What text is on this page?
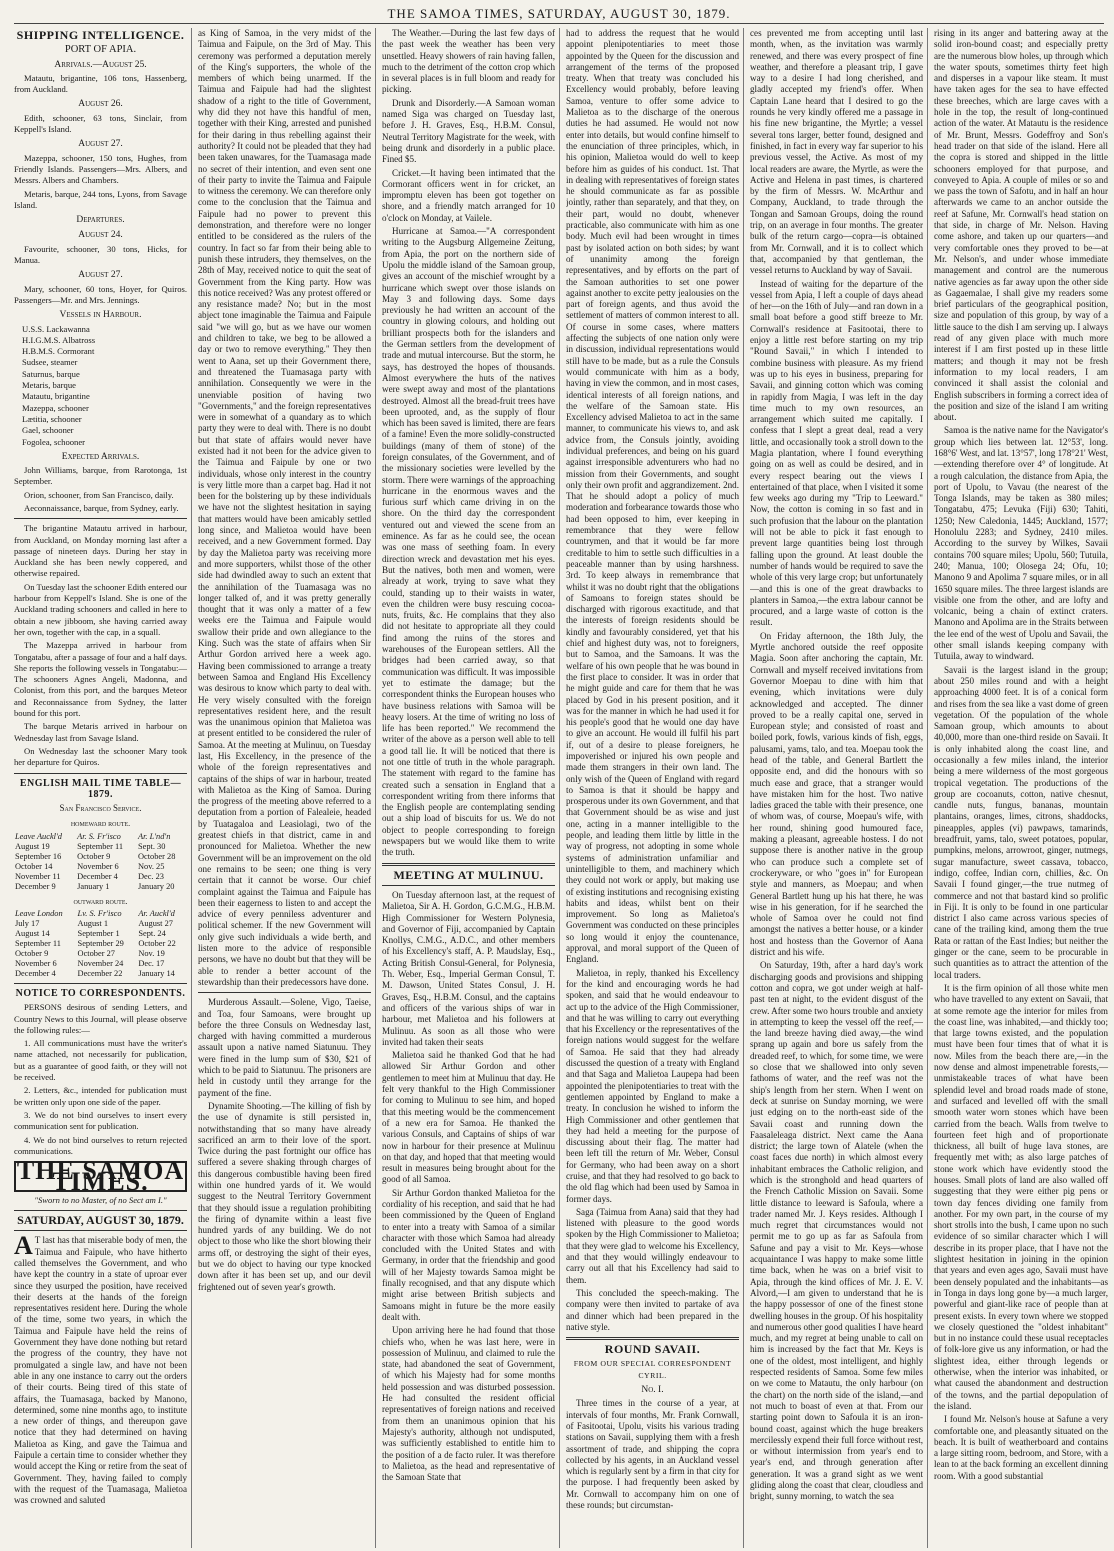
THE SAMOA TIMES, SATURDAY, AUGUST 30, 1879.
SHIPPING INTELLIGENCE.
PORT OF APIA.
Arrivals.—August 25.

Matautu, brigantine, 106 tons, Hassenberg, from Auckland.

August 26.

Edith, schooner, 63 tons, Sinclair, from Keppell's Island.

August 27.

Mazeppa, schooner, 150 tons, Hughes, from Friendly Islands. Passengers—Mrs. Albers, and Messrs. Albers and Chambers.

Metaris, barque, 244 tons, Lyons, from Savage Island.

Departures.
August 24.

Favourite, schooner, 30 tons, Hicks, for Manua.

August 27.

Mary, schooner, 60 tons, Hoyer, for Quiros. Passengers—Mr. and Mrs. Jennings.

Vessels in Harbour.
U.S.S. Lackawanna
H.I.G.M.S. Albatross
H.B.M.S. Cormorant
Sudsee, steamer
Saturnus, barque
Metaris, barque
Matautu, brigantine
Mazeppa, schooner
Lætitia, schooner
Gael, schooner
Fogolea, schooner
Expected Arrivals.

John Williams, barque, from Rarotonga, 1st September.

Orion, schooner, from San Francisco, daily.

Aeconnaissance, barque, from Sydney, early.

The brigantine Matautu arrived in harbour, from Auckland, on Monday morning last after a passage of nineteen days. During her stay in Auckland she has been newly coppered, and otherwise repaired.

On Tuesday last the schooner Edith entered our harbour from Keppell's Island. She is one of the Auckland trading schooners and called in here to obtain a new jibboom, she having carried away her own, together with the cap, in a squall.

The Mazeppa arrived in harbour from Tongatabu, after a passage of four and a half days. She reports the following vessels in Tongatabu:—The schooners Agnes Angeli, Madonna, and Colonist, from this port, and the barques Meteor and Reconnaissance from Sydney, the latter bound for this port.

The barque Metaris arrived in harbour on Wednesday last from Savage Island.

On Wednesday last the schooner Mary took her departure for Quiros.

ENGLISH MAIL TIME TABLE—1879.
San Francisco Service.
homeward route.
Leave Auckl'd	Ar. S. Fr'isco	Ar. L'nd'n
August 19	September 11	Sept. 30
September 16	October 9	October 28
October 14	November 6	Nov. 25
November 11	December 4	Dec. 23
December 9	January 1	January 20
outward route.
Leave London	Lv. S. Fr'isco	Ar. Auckl'd
July 17	August 1	August 27
August 14	September 1	Sept. 24
September 11	September 29	October 22
October 9	October 27	Nov. 19
November 6	November 24	Dec. 17
December 4	December 22	January 14
NOTICE TO CORRESPONDENTS.

PERSONS desirous of sending Letters, and Country News to this Journal, will please observe the following rules:—

1. All communications must have the writer's name attached, not necessarily for publication, but as a guarantee of good faith, or they will not be received.

2. Letters, &c., intended for publication must be written only upon one side of the paper.

3. We do not bind ourselves to insert every communication sent for publication.

4. We do not bind ourselves to return rejected communications.

THE SAMOA TIMES.
"Sworn to no Master, of no Sect am I."
SATURDAY, AUGUST 30, 1879.

A T last has that miserable body of men, the Taimua and Faipule, who have hitherto called themselves the Government, and who have kept the country in a state of uproar ever since they usurped the position, have received their deserts at the hands of the foreign representatives resident here. During the whole of the time, some two years, in which the Taimua and Faipule have held the reins of Government they have done nothing but retard the progress of the country, they have not promulgated a single law, and have not been able in any one instance to carry out the orders of their courts. Being tired of this state of affairs, the Tuamasaga, backed by Manono, determined, some nine months ago, to institute a new order of things, and thereupon gave notice that they had determined on having Malietoa as King, and gave the Taimua and Faipule a certain time to consider whether they would accept the King or retire from the seat of Government. They, having failed to comply with the request of the Tuamasaga, Malietoa was crowned and saluted

as King of Samoa, in the very midst of the Taimua and Faipule, on the 3rd of May. This ceremony was performed a deputation merely of the King's supporters, the whole of the members of which being unarmed. If the Taimua and Faipule had had the slightest shadow of a right to the title of Government, why did they not have this handful of men, together with their King, arrested and punished for their daring in thus rebelling against their authority? It could not be pleaded that they had been taken unawares, for the Tuamasaga made no secret of their intention, and even sent one of their party to invite the Taimua and Faipule to witness the ceremony. We can therefore only come to the conclusion that the Taimua and Faipule had no power to prevent this demonstration, and therefore were no longer entitled to be considered as the rulers of the country. In fact so far from their being able to punish these intruders, they themselves, on the 28th of May, received notice to quit the seat of Government from the King party. How was this notice received? Was any protest offered or any resistance made? No; but in the most abject tone imaginable the Taimua and Faipule said "we will go, but as we have our women and children to take, we beg to be allowed a day or two to remove everything." They then went to Aana, set up their Government there, and threatened the Tuamasaga party with annihilation. Consequently we were in the unenviable position of having two "Governments," and the foreign representatives were in somewhat of a quandary as to which party they were to deal with. There is no doubt but that state of affairs would never have existed had it not been for the advice given to the Taimua and Faipule by one or two individuals, whose only interest in the country is very little more than a carpet bag. Had it not been for the bolstering up by these individuals we have not the slightest hesitation in saying that matters would have been amicably settled long since, and Malietoa would have been received, and a new Government formed. Day by day the Malietoa party was receiving more and more supporters, whilst those of the other side had dwindled away to such an extent that the annihilation of the Tuamasaga was no longer talked of, and it was pretty generally thought that it was only a matter of a few weeks ere the Taimua and Faipule would swallow their pride and own allegiance to the King. Such was the state of affairs when Sir Arthur Gordon arrived here a week ago. Having been commissioned to arrange a treaty between Samoa and England His Excellency was desirous to know which party to deal with. He very wisely consulted with the foreign representatives resident here, and the result was the unanimous opinion that Malietoa was at present entitled to be considered the ruler of Samoa. At the meeting at Mulinuu, on Tuesday last, His Excellency, in the presence of the whole of the foreign representatives and captains of the ships of war in harbour, treated with Malietoa as the King of Samoa. During the progress of the meeting above referred to a deputation from a portion of Falealeie, headed by Tuatagaloa and Leasiolagi, two of the greatest chiefs in that district, came in and pronounced for Malietoa. Whether the new Government will be an improvement on the old one remains to be seen; one thing is very certain that it cannot be worse. Our chief complaint against the Taimua and Faipule has been their eagerness to listen to and accept the advice of every penniless adventurer and political schemer. If the new Government will only give such individuals a wide berth, and listen more to the advice of responsible persons, we have no doubt but that they will be able to render a better account of the stewardship than their predecessors have done.

Murderous Assault.—Solene, Vigo, Taeise, and Toa, four Samoans, were brought up before the three Consuls on Wednesday last, charged with having committed a murderous assault upon a native named Siatunuu. They were fined in the lump sum of $30, $21 of which to be paid to Siatunuu. The prisoners are held in custody until they arrange for the payment of the fine.

Dynamite Shooting.—The killing of fish by the use of dynamite is still persisted in, notwithstanding that so many have already sacrificed an arm to their love of the sport. Twice during the past fortnight our office has suffered a severe shaking through charges of this dangerous combustible having been fired within one hundred yards of it. We would suggest to the Neutral Territory Government that they should issue a regulation prohibiting the firing of dynamite within a least five hundred yards of any building. We do not object to those who like the short blowing their arms off, or destroying the sight of their eyes, but we do object to having our type knocked down after it has been set up, and our devil frightened out of seven year's growth.

The Weather.—During the last few days of the past week the weather has been very unsettled. Heavy showers of rain having fallen, much to the detriment of the cotton crop which in several places is in full bloom and ready for picking.

Drunk and Disorderly.—A Samoan woman named Siga was charged on Tuesday last, before J. H. Graves, Esq., H.B.M. Consul, Neutral Territory Magistrate for the week, with being drunk and disorderly in a public place. Fined $5.

Cricket.—It having been intimated that the Cormorant officers went in for cricket, an impromptu eleven has been got together on shore, and a friendly match arranged for 10 o'clock on Monday, at Vailele.

Hurricane at Samoa.—"A correspondent writing to the Augsburg Allgemeine Zeitung, from Apia, the port on the northern side of Upolu the middle island of the Samoan group, gives an account of the mischief wrought by a hurricane which swept over those islands on May 3 and following days. Some days previously he had written an account of the country in glowing colours, and holding out brilliant prospects both for the islanders and the German settlers from the development of trade and mutual intercourse. But the storm, he says, has destroyed the hopes of thousands. Almost everywhere the huts of the natives were swept away and most of the plantations destroyed. Almost all the bread-fruit trees have been uprooted, and, as the supply of flour which has been saved is limited, there are fears of a famine! Even the more solidly-constructed buildings (many of them of stone) of the foreign consulates, of the Government, and of the missionary societies were levelled by the storm. There were warnings of the approaching hurricane in the enormous waves and the furious surf which came driving in on the shore. On the third day the correspondent ventured out and viewed the scene from an eminence. As far as he could see, the ocean was one mass of seething foam. In every direction wreck and devastation met his eyes. But the natives, both men and women, were already at work, trying to save what they could, standing up to their waists in water, even the children were busy rescuing cocoa-nuts, fruits, &c. He complains that they also did not hesitate to appropriate all they could find among the ruins of the stores and warehouses of the European settlers. All the bridges had been carried away, so that communication was difficult. It was impossible yet to estimate the damage; but the correspondent thinks the European houses who have business relations with Samoa will be heavy losers. At the time of writing no loss of life has been reported." We recommend the writer of the above as a person well able to tell a good tall lie. It will be noticed that there is not one tittle of truth in the whole paragraph. The statement with regard to the famine has created such a sensation in England that a correspondent writing from there informs that the English people are contemplating sending out a ship load of biscuits for us. We do not object to people corresponding to foreign newspapers but we would like them to write the truth.

MEETING AT MULINUU.

On Tuesday afternoon last, at the request of Malietoa, Sir A. H. Gordon, G.C.M.G., H.B.M. High Commissioner for Western Polynesia, and Governor of Fiji, accompanied by Captain Knollys, C.M.G., A.D.C., and other members of his Excellency's staff, A. P. Maudslay, Esq., Acting British Consul-General, for Polynesia, Th. Weber, Esq., Imperial German Consul, T. M. Dawson, United States Consul, J. H. Graves, Esq., H.B.M. Consul, and the captains and officers of the various ships of war in harbour, met Malietoa and his followers at Mulinuu. As soon as all those who were invited had taken their seats

Malietoa said he thanked God that he had allowed Sir Arthur Gordon and other gentlemen to meet him at Mulinuu that day. He felt very thankful to the High Commissioner for coming to Mulinuu to see him, and hoped that this meeting would be the commencement of a new era for Samoa. He thanked the various Consuls, and Captains of ships of war now in harbour for their presence at Mulinuu on that day, and hoped that that meeting would result in measures being brought about for the good of all Samoa.

Sir Arthur Gordon thanked Malietoa for the cordiality of his reception, and said that he had been commissioned by the Queen of England to enter into a treaty with Samoa of a similar character with those which Samoa had already concluded with the United States and with Germany, in order that the friendship and good will of her Majesty towards Samoa might be finally recognised, and that any dispute which might arise between British subjects and Samoans might in future be the more easily dealt with.

Upon arriving here he had found that those chiefs who, when he was last here, were in possession of Mulinuu, and claimed to rule the state, had abandoned the seat of Government, of which his Majesty had for some months held possession and was disturbed possession. He had consulted the resident official representatives of foreign nations and received from them an unanimous opinion that his Majesty's authority, although not undisputed, was sufficiently established to entitle him to the position of a de facto ruler. It was therefore to Malietoa, as the head and representative of the Samoan State that

had to address the request that he would appoint plenipotentiaries to meet those appointed by the Queen for the discussion and arrangement of the terms of the proposed treaty. When that treaty was concluded his Excellency would probably, before leaving Samoa, venture to offer some advice to Malietoa as to the discharge of the onerous duties he had assumed. He would not now enter into details, but would confine himself to the enunciation of three principles, which, in his opinion, Malietoa would do well to keep before him as guides of his conduct. 1st. That in dealing with representatives of foreign states he should communicate as far as possible jointly, rather than separately, and that they, on their part, would no doubt, whenever practicable, also communicate with him as one body. Much evil had been wrought in times past by isolated action on both sides; by want of unanimity among the foreign representatives, and by efforts on the part of the Samoan authorities to set one power against another to excite petty jealousies on the part of foreign agents, and thus avoid the settlement of matters of common interest to all. Of course in some cases, where matters affecting the subjects of one nation only were in discussion, individual representations would still have to be made, but as a rule the Consuls would communicate with him as a body, having in view the common, and in most cases, identical interests of all foreign nations, and the welfare of the Samoan state. His Excellency advised Malietoa to act in the same manner, to communicate his views to, and ask advice from, the Consuls jointly, avoiding individual preferences, and being on his guard against irresponsible adventurers who had no mission from their Governments, and sought only their own profit and aggrandizement. 2nd. That he should adopt a policy of much moderation and forbearance towards those who had been opposed to him, ever keeping in remembrance that they were fellow countrymen, and that it would be far more creditable to him to settle such difficulties in a peaceable manner than by using harshness. 3rd. To keep always in remembrance that whilst it was no doubt right that the obligations of Samoans to foreign states should be discharged with rigorous exactitude, and that the interests of foreign residents should be kindly and favourably considered, yet that his chief and highest duty was, not to foreigners, but to Samoa, and the Samoans. It was the welfare of his own people that he was bound in the first place to consider. It was in order that he might guide and care for them that he was placed by God in his present position, and it was for the manner in which he had used it for his people's good that he would one day have to give an account. He would ill fulfil his part if, out of a desire to please foreigners, he impoverished or injured his own people and made them strangers in their own land. The only wish of the Queen of England with regard to Samoa is that it should be happy and prosperous under its own Government, and that that Government should be as wise and just one, acting in a manner intelligible to the people, and leading them little by little in the way of progress, not adopting in some whole systems of administration unfamiliar and unintelligible to them, and machinery which they could not work or apply, but making use of existing institutions and recognising existing habits and ideas, whilst bent on their improvement. So long as Malietoa's Government was conducted on these principles so long would it enjoy the countenance, approval, and moral support of the Queen of England.

Malietoa, in reply, thanked his Excellency for the kind and encouraging words he had spoken, and said that he would endeavour to act up to the advice of the High Commissioner, and that he was willing to carry out everything that his Excellency or the representatives of the foreign nations would suggest for the welfare of Samoa. He said that they had already discussed the question of a treaty with England and that Saga and Malietoa Laupepa had been appointed the plenipotentiaries to treat with the gentlemen appointed by England to make a treaty. In conclusion he wished to inform the High Commissioner and other gentlemen that they had held a meeting for the purpose of discussing about their flag. The matter had been left till the return of Mr. Weber, Consul for Germany, who had been away on a short cruise, and that they had resolved to go back to the old flag which had been used by Samoa in former days.

Saga (Taimua from Aana) said that they had listened with pleasure to the good words spoken by the High Commissioner to Malietoa; that they were glad to welcome his Excellency, and that they would willingly endeavour to carry out all that his Excellency had said to them.

This concluded the speech-making. The company were then invited to partake of ava and dinner which had been prepared in the native style.

ROUND SAVAII.
FROM OUR SPECIAL CORRESPONDENT CYRIL.
No. I.

Three times in the course of a year, at intervals of four months, Mr. Frank Cornwall, of Fasitootai, Upolu, visits his various trading stations on Savaii, supplying them with a fresh assortment of trade, and shipping the copra collected by his agents, in an Auckland vessel which is regularly sent by a firm in that city for the purpose. I had frequently been asked by Mr. Cornwall to accompany him on one of these rounds; but circumstan-

ces prevented me from accepting until last month, when, as the invitation was warmly renewed, and there was every prospect of fine weather, and therefore a pleasant trip, I gave way to a desire I had long cherished, and gladly accepted my friend's offer. When Captain Lane heard that I desired to go the rounds he very kindly offered me a passage in his fine new brigantine, the Myrtle; a vessel several tons larger, better found, designed and finished, in fact in every way far superior to his previous vessel, the Active. As most of my local readers are aware, the Myrtle, as were the Active and Helena in past times, is chartered by the firm of Messrs. W. McArthur and Company, Auckland, to trade through the Tongan and Samoan Groups, doing the round trip, on an average in four months. The greater bulk of the return cargo—copra—is obtained from Mr. Cornwall, and it is to collect which that, accompanied by that gentleman, the vessel returns to Auckland by way of Savaii.

Instead of waiting for the departure of the vessel from Apia, I left a couple of days ahead of her—on the 16th of July—and ran down in a small boat before a good stiff breeze to Mr. Cornwall's residence at Fasitootai, there to enjoy a little rest before starting on my trip "Round Savaii," in which I intended to combine business with pleasure. As my friend was up to his eyes in business, preparing for Savaii, and ginning cotton which was coming in rapidly from Magia, I was left in the day time much to my own resources, an arrangement which suited me capitally. I confess that I slept a great deal, read a very little, and occasionally took a stroll down to the Magia plantation, where I found everything going on as well as could be desired, and in every respect bearing out the views I entertained of that place, when I visited it some few weeks ago during my "Trip to Leeward." Now, the cotton is coming in so fast and in such profusion that the labour on the plantation will not be able to pick it fast enough to prevent large quantities being lost through falling upon the ground. At least double the number of hands would be required to save the whole of this very large crop; but unfortunately—and this is one of the great drawbacks to planters in Samoa,—the extra labour cannot be procured, and a large waste of cotton is the result.

On Friday afternoon, the 18th July, the Myrtle anchored outside the reef opposite Magia. Soon after anchoring the captain, Mr. Cornwall and myself received invitations from Governor Moepau to dine with him that evening, which invitations were duly acknowledged and accepted. The dinner proved to be a really capital one, served in European style; and consisted of roast and boiled pork, fowls, various kinds of fish, eggs, palusami, yams, talo, and tea. Moepau took the head of the table, and General Bartlett the opposite end, and did the honours with so much ease and grace, that a stranger would have mistaken him for the host. Two native ladies graced the table with their presence, one of whom was, of course, Moepau's wife, with her round, shining good humoured face, making a pleasant, agreeable hostess. I do not suppose there is another native in the group who can produce such a complete set of crockeryware, or who "goes in" for European style and manners, as Moepau; and when General Bartlett hung up his hat there, he was wise in his generation, for if he searched the whole of Samoa over he could not find amongst the natives a better house, or a kinder host and hostess than the Governor of Aana district and his wife.

On Saturday, 19th, after a hard day's work discharging goods and provisions and shipping cotton and copra, we got under weigh at half-past ten at night, to the evident disgust of the crew. After some two hours trouble and anxiety in attempting to keep the vessel off the reef,—the land breeze having died away,—the wind sprang up again and bore us safely from the dreaded reef, to which, for some time, we were so close that we shallowed into only seven fathoms of water, and the reef was not the ship's length from her stern. When I went on deck at sunrise on Sunday morning, we were just edging on to the north-east side of the Savaii coast and running down the Faasaleleaga district. Next came the Aana district; the large town of Alatele (when the coast faces due north) in which almost every inhabitant embraces the Catholic religion, and which is the stronghold and head quarters of the French Catholic Mission on Savaii. Some little distance to leeward is Safoula, where a trader named Mr. J. Keys resides. Although I much regret that circumstances would not permit me to go up as far as Safoula from Safune and pay a visit to Mr. Keys—whose acquaintance I was happy to make some little time back, when he was on a brief visit to Apia, through the kind offices of Mr. J. E. V. Alvord,—I am given to understand that he is the happy possessor of one of the finest stone dwelling houses in the group. Of his hospitality and numerous other good qualities I have heard much, and my regret at being unable to call on him is increased by the fact that Mr. Keys is one of the oldest, most intelligent, and highly respected residents of Samoa. Some few miles on we come to Matautu, the only harbour (on the chart) on the north side of the island,—and not much to boast of even at that. From our starting point down to Safoula it is an iron-bound coast, against which the huge breakers mercilessly expend their full force without rest, or without intermission from year's end to year's end, and through generation after generation. It was a grand sight as we went gliding along the coast that clear, cloudless and bright, sunny morning, to watch the sea

rising in its anger and battering away at the solid iron-bound coast; and especially pretty are the numerous blow holes, up through which the water spouts, sometimes thirty feet high and disperses in a vapour like steam. It must have taken ages for the sea to have effected these breeches, which are large caves with a hole in the top, the result of long-continued action of the water. At Matautu is the residence of Mr. Brunt, Messrs. Godeffroy and Son's head trader on that side of the island. Here all the copra is stored and shipped in the little schooners employed for that purpose, and conveyed to Apia. A couple of miles or so and we pass the town of Safotu, and in half an hour afterwards we came to an anchor outside the reef at Safune, Mr. Cornwall's head station on that side, in charge of Mr. Nelson. Having come ashore, and taken up our quarters—and very comfortable ones they proved to be—at Mr. Nelson's, and under whose immediate management and control are the numerous native agencies as far away upon the other side as Gagaemalae, I shall give my readers some brief particulars of the geographical position, size and population of this group, by way of a little sauce to the dish I am serving up. I always read of any given place with much more interest if I am first posted up in these little matters; and though it may not be fresh information to my local readers, I am convinced it shall assist the colonial and English subscribers in forming a correct idea of the position and size of the island I am writing about.

Samoa is the native name for the Navigator's group which lies between lat. 12°53', long. 168°6' West, and lat. 13°57', long 178°21' West,—extending therefore over 4° of longitude. At a rough calculation, the distance from Apia, the port of Upolu, to Vavau (the nearest of the Tonga Islands, may be taken as 380 miles; Tongatabu, 475; Levuka (Fiji) 630; Tahiti, 1250; New Caledonia, 1445; Auckland, 1577; Honolulu 2283; and Sydney, 2410 miles. According to the survey by Wilkes, Savaii contains 700 square miles; Upolu, 560; Tutuila, 240; Manua, 100; Olosega 24; Ofu, 10; Manono 9 and Apolima 7 square miles, or in all 1650 square miles. The three largest islands are visible one from the other, and are lofty and volcanic, being a chain of extinct craters. Manono and Apolima are in the Straits between the lee end of the west of Upolu and Savaii, the other small islands keeping company with Tutuila, away to windward.

Savaii is the largest island in the group; about 250 miles round and with a height approaching 4000 feet. It is of a conical form and rises from the sea like a vast dome of green vegetation. Of the population of the whole Samoan group, which amounts to about 40,000, more than one-third reside on Savaii. It is only inhabited along the coast line, and occasionally a few miles inland, the interior being a mere wilderness of the most gorgeous tropical vegetation. The productions of the group are cocoanuts, cotton, native chesnut, candle nuts, fungus, bananas, mountain plantains, oranges, limes, citrons, shaddocks, pineapples, apples (vi) pawpaws, tamarinds, breadfruit, yams, talo, sweet potatoes, popular, pumpkins, melons, arrowroot, ginger, nutmegs, sugar manufacture, sweet cassava, tobacco, indigo, coffee, Indian corn, chillies, &c. On Savaii I found ginger,—the true nutmeg of commerce and not that bastard kind so prolific in Fiji. It is only to be found in one particular district I also came across various species of cane of the trailing kind, among them the true Rata or rattan of the East Indies; but neither the ginger or the cane, seem to be procurable in such quantities as to attract the attention of the local traders.

It is the firm opinion of all those white men who have travelled to any extent on Savaii, that at some remote age the interior for miles from the coast line, was inhabited,—and thickly too; that large towns existed, and the population must have been four times that of what it is now. Miles from the beach there are,—in the now dense and almost impenetrable forests,—unmistakeable traces of what have been splendid level and broad roads made of stone, and surfaced and levelled off with the small smooth water worn stones which have been carried from the beach. Walls from twelve to fourteen feet high and of proportionate thickness, all built of huge lava stones, are frequently met with; as also large patches of stone work which have evidently stood the houses. Small plots of land are also walled off suggesting that they were either pig pens or town day fences dividing one family from another. For my own part, in the course of my short strolls into the bush, I came upon no such evidence of so similar character which I will describe in its proper place, that I have not the slightest hesitation in joining in the opinion that years and even ages ago, Savaii must have been densely populated and the inhabitants—as in Tonga in days long gone by—a much larger, powerful and giant-like race of people than at present exists. In every town where we stopped we closely questioned the "oldest inhabitant" but in no instance could these usual receptacles of folk-lore give us any information, or had the slightest idea, either through legends or otherwise, when the interior was inhabited, or what caused the abandonment and destruction of the towns, and the partial depopulation of the island.

I found Mr. Nelson's house at Safune a very comfortable one, and pleasantly situated on the beach. It is built of weatherboard and contains a large sitting room, bedroom, and Store, with a lean to at the back forming an excellent dinning room. With a good substantial
